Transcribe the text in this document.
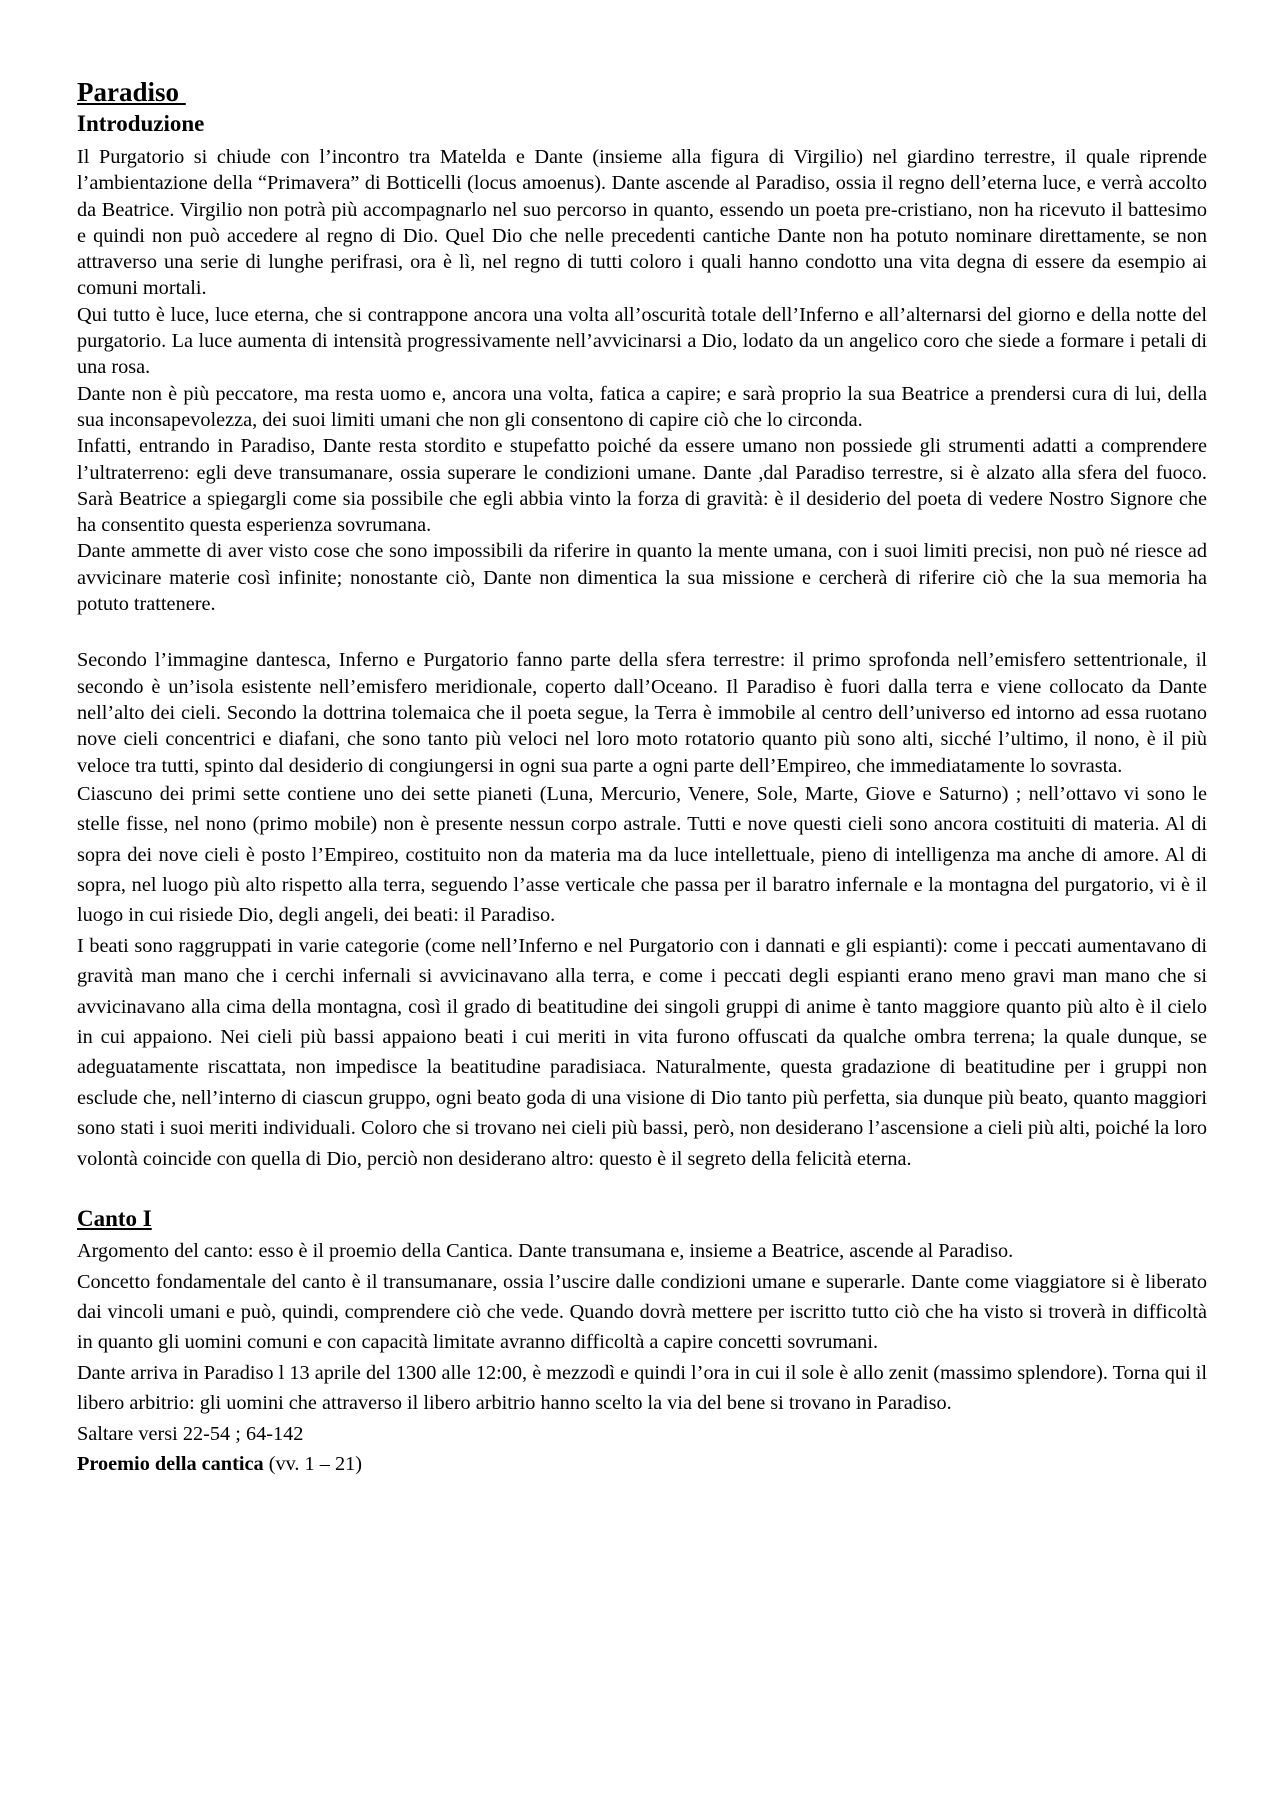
Paradiso
Introduzione

Il Purgatorio si chiude con l’incontro tra Matelda e Dante (insieme alla figura di Virgilio) nel giardino terrestre, il quale riprende l’ambientazione della “Primavera” di Botticelli (locus amoenus). Dante ascende al Paradiso, ossia il regno dell’eterna luce, e verrà accolto da Beatrice. Virgilio non potrà più accompagnarlo nel suo percorso in quanto, essendo un poeta pre-cristiano, non ha ricevuto il battesimo e quindi non può accedere al regno di Dio. Quel Dio che nelle precedenti cantiche Dante non ha potuto nominare direttamente, se non attraverso una serie di lunghe perifrasi, ora è lì, nel regno di tutti coloro i quali hanno condotto una vita degna di essere da esempio ai comuni mortali.

Qui tutto è luce, luce eterna, che si contrappone ancora una volta all’oscurità totale dell’Inferno e all’alternarsi del giorno e della notte del purgatorio. La luce aumenta di intensità progressivamente nell’avvicinarsi a Dio, lodato da un angelico coro che siede a formare i petali di una rosa.

Dante non è più peccatore, ma resta uomo e, ancora una volta, fatica a capire; e sarà proprio la sua Beatrice a prendersi cura di lui, della sua inconsapevolezza, dei suoi limiti umani che non gli consentono di capire ciò che lo circonda.

Infatti, entrando in Paradiso, Dante resta stordito e stupefatto poiché da essere umano non possiede gli strumenti adatti a comprendere l’ultraterreno: egli deve transumanare, ossia superare le condizioni umane. Dante ,dal Paradiso terrestre, si è alzato alla sfera del fuoco. Sarà Beatrice a spiegargli come sia possibile che egli abbia vinto la forza di gravità: è il desiderio del poeta di vedere Nostro Signore che ha consentito questa esperienza sovrumana.

Dante ammette di aver visto cose che sono impossibili da riferire in quanto la mente umana, con i suoi limiti precisi, non può né riesce ad avvicinare materie così infinite; nonostante ciò, Dante non dimentica la sua missione e cercherà di riferire ciò che la sua memoria ha potuto trattenere.

Secondo l’immagine dantesca, Inferno e Purgatorio fanno parte della sfera terrestre: il primo sprofonda nell’emisfero settentrionale, il secondo è un’isola esistente nell’emisfero meridionale, coperto dall’Oceano. Il Paradiso è fuori dalla terra e viene collocato da Dante nell’alto dei cieli. Secondo la dottrina tolemaica che il poeta segue, la Terra è immobile al centro dell’universo ed intorno ad essa ruotano nove cieli concentrici e diafani, che sono tanto più veloci nel loro moto rotatorio quanto più sono alti, sicché l’ultimo, il nono, è il più veloce tra tutti, spinto dal desiderio di congiungersi in ogni sua parte a ogni parte dell’Empireo, che immediatamente lo sovrasta.

Ciascuno dei primi sette contiene uno dei sette pianeti (Luna, Mercurio, Venere, Sole, Marte, Giove e Saturno) ; nell’ottavo vi sono le stelle fisse, nel nono (primo mobile) non è presente nessun corpo astrale. Tutti e nove questi cieli sono ancora costituiti di materia. Al di sopra dei nove cieli è posto l’Empireo, costituito non da materia ma da luce intellettuale, pieno di intelligenza ma anche di amore. Al di sopra, nel luogo più alto rispetto alla terra, seguendo l’asse verticale che passa per il baratro infernale e la montagna del purgatorio, vi è il luogo in cui risiede Dio, degli angeli, dei beati: il Paradiso.

I beati sono raggruppati in varie categorie (come nell’Inferno e nel Purgatorio con i dannati e gli espianti): come i peccati aumentavano di gravità man mano che i cerchi infernali si avvicinavano alla terra, e come i peccati degli espianti erano meno gravi man mano che si avvicinavano alla cima della montagna, così il grado di beatitudine dei singoli gruppi di anime è tanto maggiore quanto più alto è il cielo in cui appaiono. Nei cieli più bassi appaiono beati i cui meriti in vita furono offuscati da qualche ombra terrena; la quale dunque, se adeguatamente riscattata, non impedisce la beatitudine paradisiaca. Naturalmente, questa gradazione di beatitudine per i gruppi non esclude che, nell’interno di ciascun gruppo, ogni beato goda di una visione di Dio tanto più perfetta, sia dunque più beato, quanto maggiori sono stati i suoi meriti individuali. Coloro che si trovano nei cieli più bassi, però, non desiderano l’ascensione a cieli più alti, poiché la loro volontà coincide con quella di Dio, perciò non desiderano altro: questo è il segreto della felicità eterna.

Canto I

Argomento del canto: esso è il proemio della Cantica. Dante transumana e, insieme a Beatrice, ascende al Paradiso.

Concetto fondamentale del canto è il transumanare, ossia l’uscire dalle condizioni umane e superarle. Dante come viaggiatore si è liberato dai vincoli umani e può, quindi, comprendere ciò che vede. Quando dovrà mettere per iscritto tutto ciò che ha visto si troverà in difficoltà in quanto gli uomini comuni e con capacità limitate avranno difficoltà a capire concetti sovrumani.

Dante arriva in Paradiso l 13 aprile del 1300 alle 12:00, è mezzodì e quindi l’ora in cui il sole è allo zenit (massimo splendore). Torna qui il libero arbitrio: gli uomini che attraverso il libero arbitrio hanno scelto la via del bene si trovano in Paradiso.

Saltare versi 22-54 ; 64-142

Proemio della cantica (vv. 1 – 21)
